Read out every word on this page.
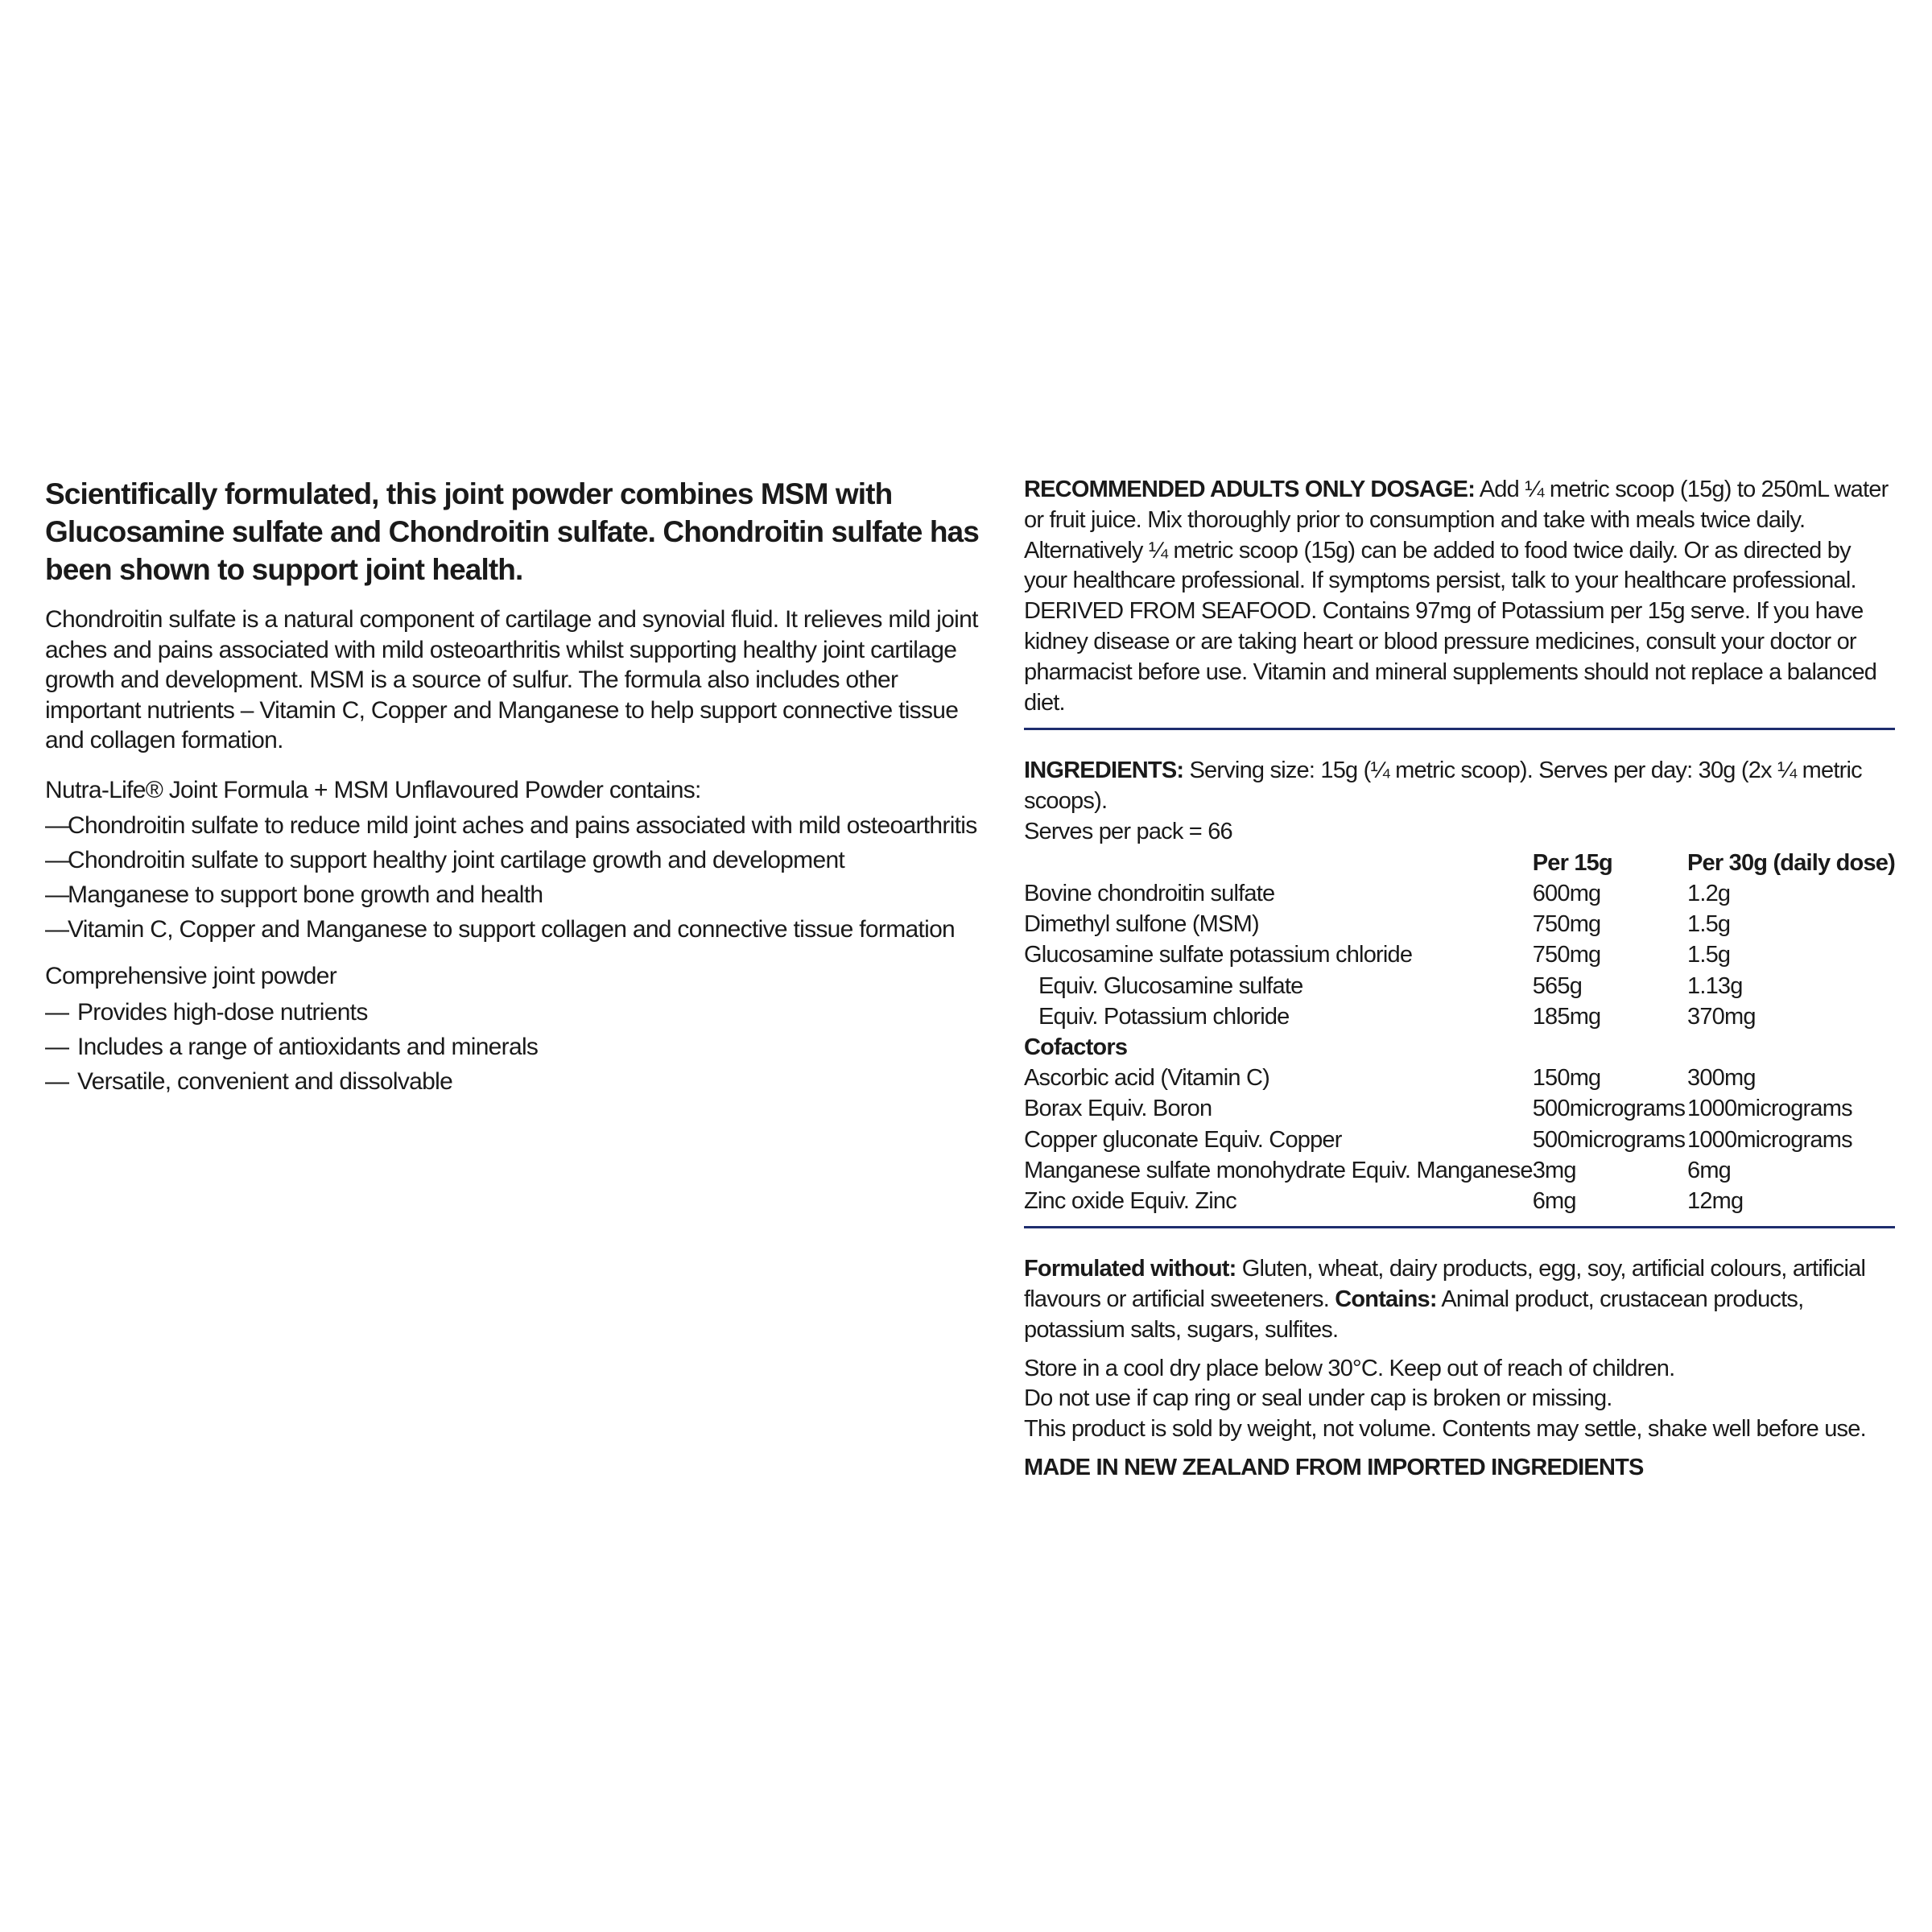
Scientifically formulated, this joint powder combines MSM with Glucosamine sulfate and Chondroitin sulfate. Chondroitin sulfate has been shown to support joint health.

Chondroitin sulfate is a natural component of cartilage and synovial fluid. It relieves mild joint aches and pains associated with mild osteoarthritis whilst supporting healthy joint cartilage growth and development. MSM is a source of sulfur. The formula also includes other important nutrients – Vitamin C, Copper and Manganese to help support connective tissue and collagen formation.

Nutra-Life® Joint Formula + MSM Unflavoured Powder contains:
—
Chondroitin sulfate to reduce mild joint aches and pains associated with mild osteoarthritis
—
Chondroitin sulfate to support healthy joint cartilage growth and development
—
Manganese to support bone growth and health
—
Vitamin C, Copper and Manganese to support collagen and connective tissue formation
Comprehensive joint powder
— Provides high-dose nutrients
— Includes a range of antioxidants and minerals
— Versatile, convenient and dissolvable

RECOMMENDED ADULTS ONLY DOSAGE: Add ¼ metric scoop (15g) to 250mL water or fruit juice. Mix thoroughly prior to consumption and take with meals twice daily. Alternatively ¼ metric scoop (15g) can be added to food twice daily. Or as directed by your healthcare professional. If symptoms persist, talk to your healthcare professional. DERIVED FROM SEAFOOD. Contains 97mg of Potassium per 15g serve. If you have kidney disease or are taking heart or blood pressure medicines, consult your doctor or pharmacist before use. Vitamin and mineral supplements should not replace a balanced diet.

INGREDIENTS: Serving size: 15g (¼ metric scoop). Serves per day: 30g (2x ¼ metric scoops).

Serves per pack = 66

	Per 15g	Per 30g (daily dose)
Bovine chondroitin sulfate	600mg	1.2g
Dimethyl sulfone (MSM)	750mg	1.5g
Glucosamine sulfate potassium chloride	750mg	1.5g
Equiv. Glucosamine sulfate	565g	1.13g
Equiv. Potassium chloride	185mg	370mg
Cofactors		
Ascorbic acid (Vitamin C)	150mg	300mg
Borax Equiv. Boron	500micrograms	1000micrograms
Copper gluconate Equiv. Copper	500micrograms	1000micrograms
Manganese sulfate monohydrate Equiv. Manganese	3mg	6mg
Zinc oxide Equiv. Zinc	6mg	12mg

Formulated without: Gluten, wheat, dairy products, egg, soy, artificial colours, artificial flavours or artificial sweeteners. Contains: Animal product, crustacean products, potassium salts, sugars, sulfites.

Store in a cool dry place below 30°C. Keep out of reach of children.

Do not use if cap ring or seal under cap is broken or missing.

This product is sold by weight, not volume. Contents may settle, shake well before use.

MADE IN NEW ZEALAND FROM IMPORTED INGREDIENTS
